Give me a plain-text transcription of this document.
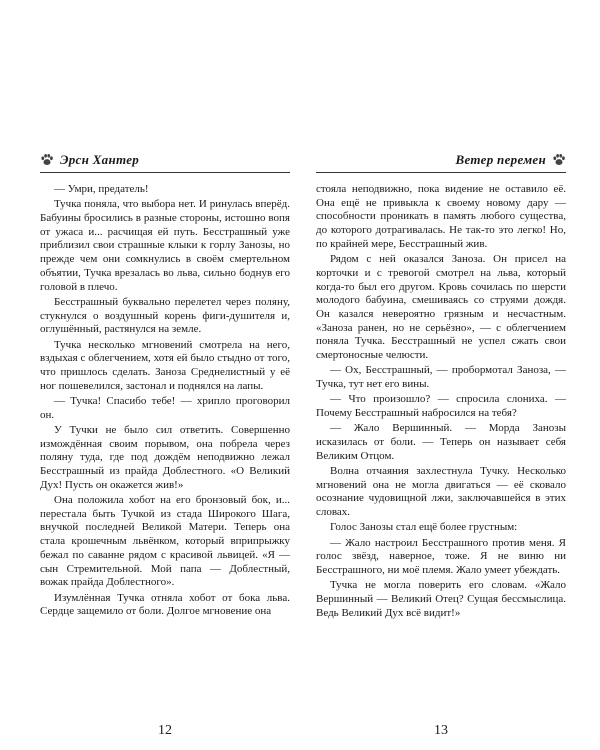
Эрсн Хантер

— Умри, предатель!

Тучка поняла, что выбора нет. И ринулась вперёд. Бабуины бросились в разные стороны, истошно вопя от ужаса и... расчищая ей путь. Бесстрашный уже приблизил свои страшные клыки к горлу Занозы, но прежде чем они сомкнулись в своём смертельном объятии, Тучка врезалась во льва, сильно боднув его головой в плечо.

Бесстрашный буквально перелетел через поляну, стукнулся о воздушный корень фиги-душителя и, оглушённый, растянулся на земле.

Тучка несколько мгновений смотрела на него, вздыхая с облегчением, хотя ей было стыдно от того, что пришлось сделать. Заноза Среднелистный у её ног пошевелился, застонал и поднялся на лапы.

— Тучка! Спасибо тебе! — хрипло проговорил он.

У Тучки не было сил ответить. Совершенно измождённая своим порывом, она побрела через поляну туда, где под дождём неподвижно лежал Бесстрашный из прайда Доблестного. «О Великий Дух! Пусть он окажется жив!»

Она положила хобот на его бронзовый бок, и... перестала быть Тучкой из стада Широкого Шага, внучкой последней Великой Матери. Теперь она стала крошечным львёнком, который вприпрыжку бежал по саванне рядом с красивой львицей. «Я — сын Стремительной. Мой папа — Доблестный, вожак прайда Доблестного».

Изумлённая Тучка отняла хобот от бока льва. Сердце защемило от боли. Долгое мгновение она

12
Ветер перемен

стояла неподвижно, пока видение не оставило её. Она ещё не привыкла к своему новому дару — способности проникать в память любого существа, до которого дотрагивалась. Не так-то это легко! Но, по крайней мере, Бесстрашный жив.

Рядом с ней оказался Заноза. Он присел на корточки и с тревогой смотрел на льва, который когда-то был его другом. Кровь сочилась по шерсти молодого бабуина, смешиваясь со струями дождя. Он казался невероятно грязным и несчастным. «Заноза ранен, но не серьёзно», — с облегчением поняла Тучка. Бесстрашный не успел сжать свои смертоносные челюсти.

— Ох, Бесстрашный, — пробормотал Заноза, — Тучка, тут нет его вины.

— Что произошло? — спросила слониха. — Почему Бесстрашный набросился на тебя?

— Жало Вершинный. — Морда Занозы исказилась от боли. — Теперь он называет себя Великим Отцом.

Волна отчаяния захлестнула Тучку. Несколько мгновений она не могла двигаться — её сковало осознание чудовищной лжи, заключавшейся в этих словах.

Голос Занозы стал ещё более грустным:

— Жало настроил Бесстрашного против меня. Я голос звёзд, наверное, тоже. Я не виню ни Бесстрашного, ни моё племя. Жало умеет убеждать.

Тучка не могла поверить его словам. «Жало Вершинный — Великий Отец? Сущая бессмыслица. Ведь Великий Дух всё видит!»

13
